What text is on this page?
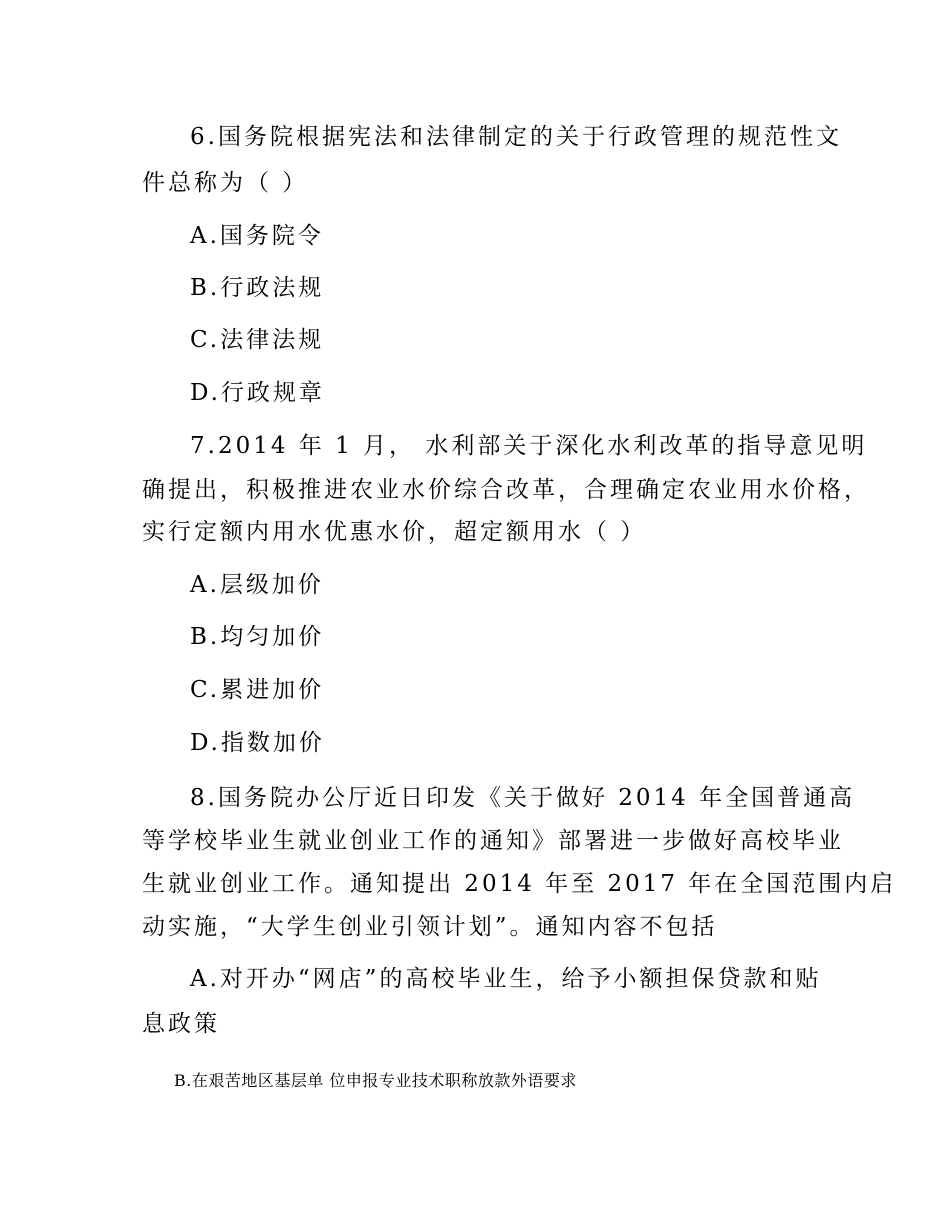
6.国务院根据宪法和法律制定的关于行政管理的规范性文
件总称为（ ）
A.国务院令
B.行政法规
C.法律法规
D.行政规章
7.2014 年 1 月， 水利部关于深化水利改革的指导意见明
确提出，积极推进农业水价综合改革，合理确定农业用水价格，
实行定额内用水优惠水价，超定额用水（ ）
A.层级加价
B.均匀加价
C.累进加价
D.指数加价
8.国务院办公厅近日印发《关于做好 2014 年全国普通高
等学校毕业生就业创业工作的通知》部署进一步做好高校毕业
生就业创业工作。通知提出 2014 年至 2017 年在全国范围内启
动实施，“大学生创业引领计划”。通知内容不包括
A.对开办“网店”的高校毕业生，给予小额担保贷款和贴
息政策
B.在艰苦地区基层单 位申报专业技术职称放款外语要求
